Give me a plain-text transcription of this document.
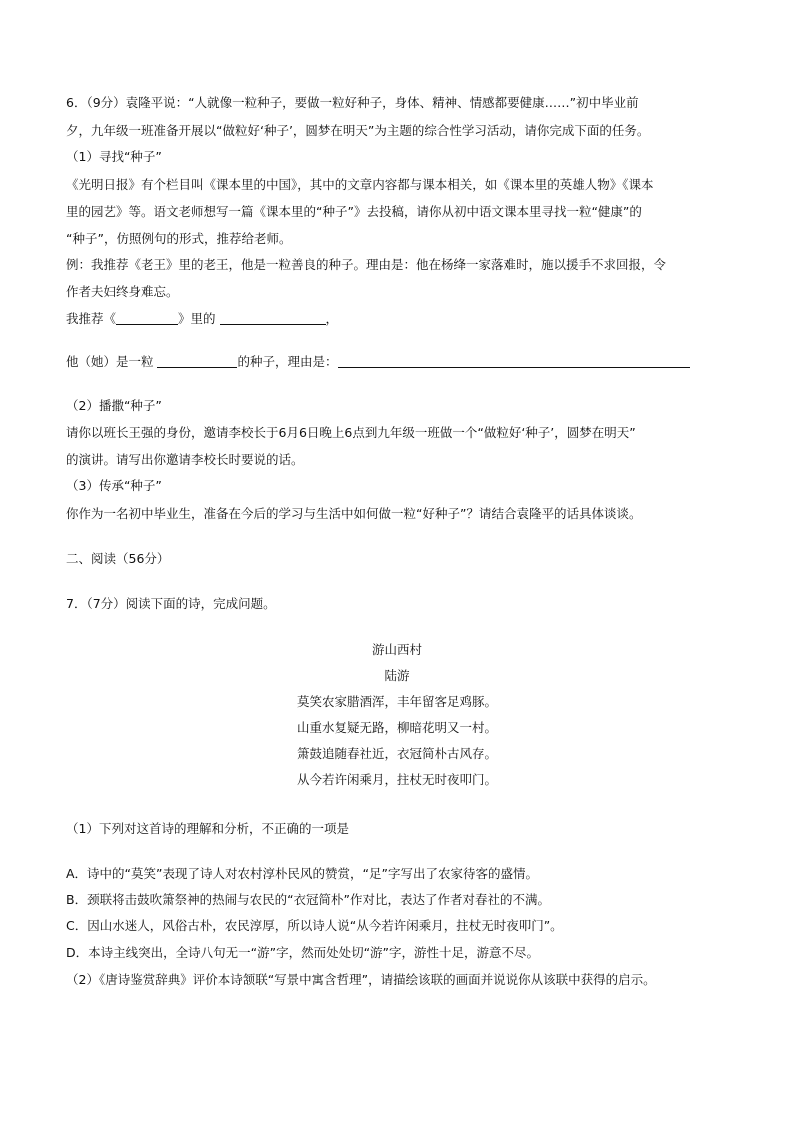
6．（9分）袁隆平说：“人就像一粒种子，要做一粒好种子，身体、精神、情感都要健康……”初中毕业前
夕，九年级一班准备开展以“做粒好‘种子’，圆梦在明天”为主题的综合性学习活动，请你完成下面的任务。
（1）寻找“种子”
《光明日报》有个栏目叫《课本里的中国》，其中的文章内容都与课本相关，如《课本里的英雄人物》《课本
里的园艺》等。语文老师想写一篇《课本里的“种子”》去投稿，请你从初中语文课本里寻找一粒“健康”的
“种子”，仿照例句的形式，推荐给老师。
例：我推荐《老王》里的老王，他是一粒善良的种子。理由是：他在杨绛一家落难时，施以援手不求回报，令
作者夫妇终身难忘。
我推荐《	》里的	，
他（她）是一粒	的种子，理由是：
（2）播撒“种子”
请你以班长王强的身份，邀请李校长于6月6日晚上6点到九年级一班做一个“做粒好‘种子’，圆梦在明天”
的演讲。请写出你邀请李校长时要说的话。
（3）传承“种子”
你作为一名初中毕业生，准备在今后的学习与生活中如何做一粒“好种子”？请结合袁隆平的话具体谈谈。
二、阅读（56分）
7．（7分）阅读下面的诗，完成问题。
游山西村
陆游
莫笑农家腊酒浑，丰年留客足鸡豚。
山重水复疑无路，柳暗花明又一村。
箫鼓追随春社近，衣冠简朴古风存。
从今若许闲乘月，拄杖无时夜叩门。
（1）下列对这首诗的理解和分析，不正确的一项是
A．诗中的“莫笑”表现了诗人对农村淳朴民风的赞赏，“足”字写出了农家待客的盛情。
B．颈联将击鼓吹箫祭神的热闹与农民的“衣冠简朴”作对比，表达了作者对春社的不满。
C．因山水迷人，风俗古朴，农民淳厚，所以诗人说“从今若许闲乘月，拄杖无时夜叩门”。
D．本诗主线突出，全诗八句无一“游”字，然而处处切“游”字，游性十足，游意不尽。
（2）《唐诗鉴赏辞典》评价本诗颔联“写景中寓含哲理”，请描绘该联的画面并说说你从该联中获得的启示。
